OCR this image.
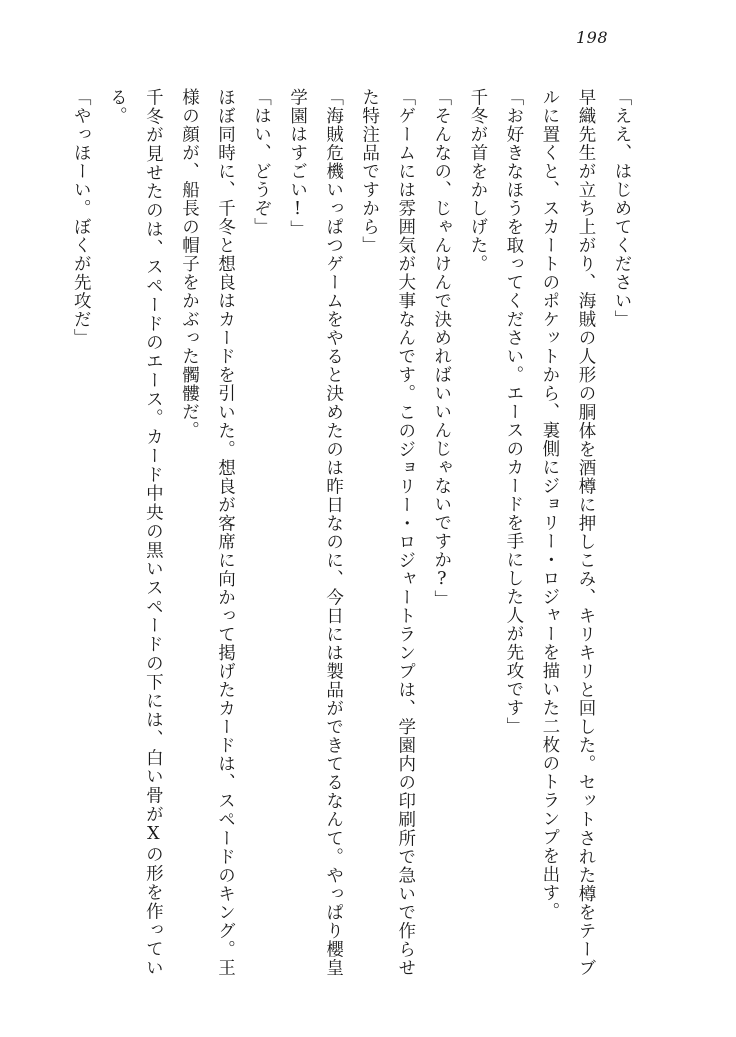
198

「ええ、はじめてください」

早織先生が立ち上がり、海賊の人形の胴体を酒樽に押しこみ、キリキリと回した。セットされた樽をテーブルに置くと、スカートのポケットから、裏側にジョリー・ロジャーを描いた二枚のトランプを出す。

「お好きなほうを取ってください。エースのカードを手にした人が先攻です」

千冬が首をかしげた。

「そんなの、じゃんけんで決めればいいんじゃないですか?」

「ゲームには雰囲気が大事なんです。このジョリー・ロジャートランプは、学園内の印刷所で急いで作らせた特注品ですから」

「海賊危機いっぱつゲームをやると決めたのは昨日なのに、今日には製品ができてるなんて。やっぱり櫻皇学園はすごい!」

「はい、どうぞ」

ほぼ同時に、千冬と想良はカードを引いた。想良が客席に向かって掲げたカードは、スペードのキング。王様の顔が、船長の帽子をかぶった髑髏だ。

千冬が見せたのは、スペードのエース。カード中央の黒いスペードの下には、白い骨がXの形を作っている。

「やっほーい。ぼくが先攻だ」
